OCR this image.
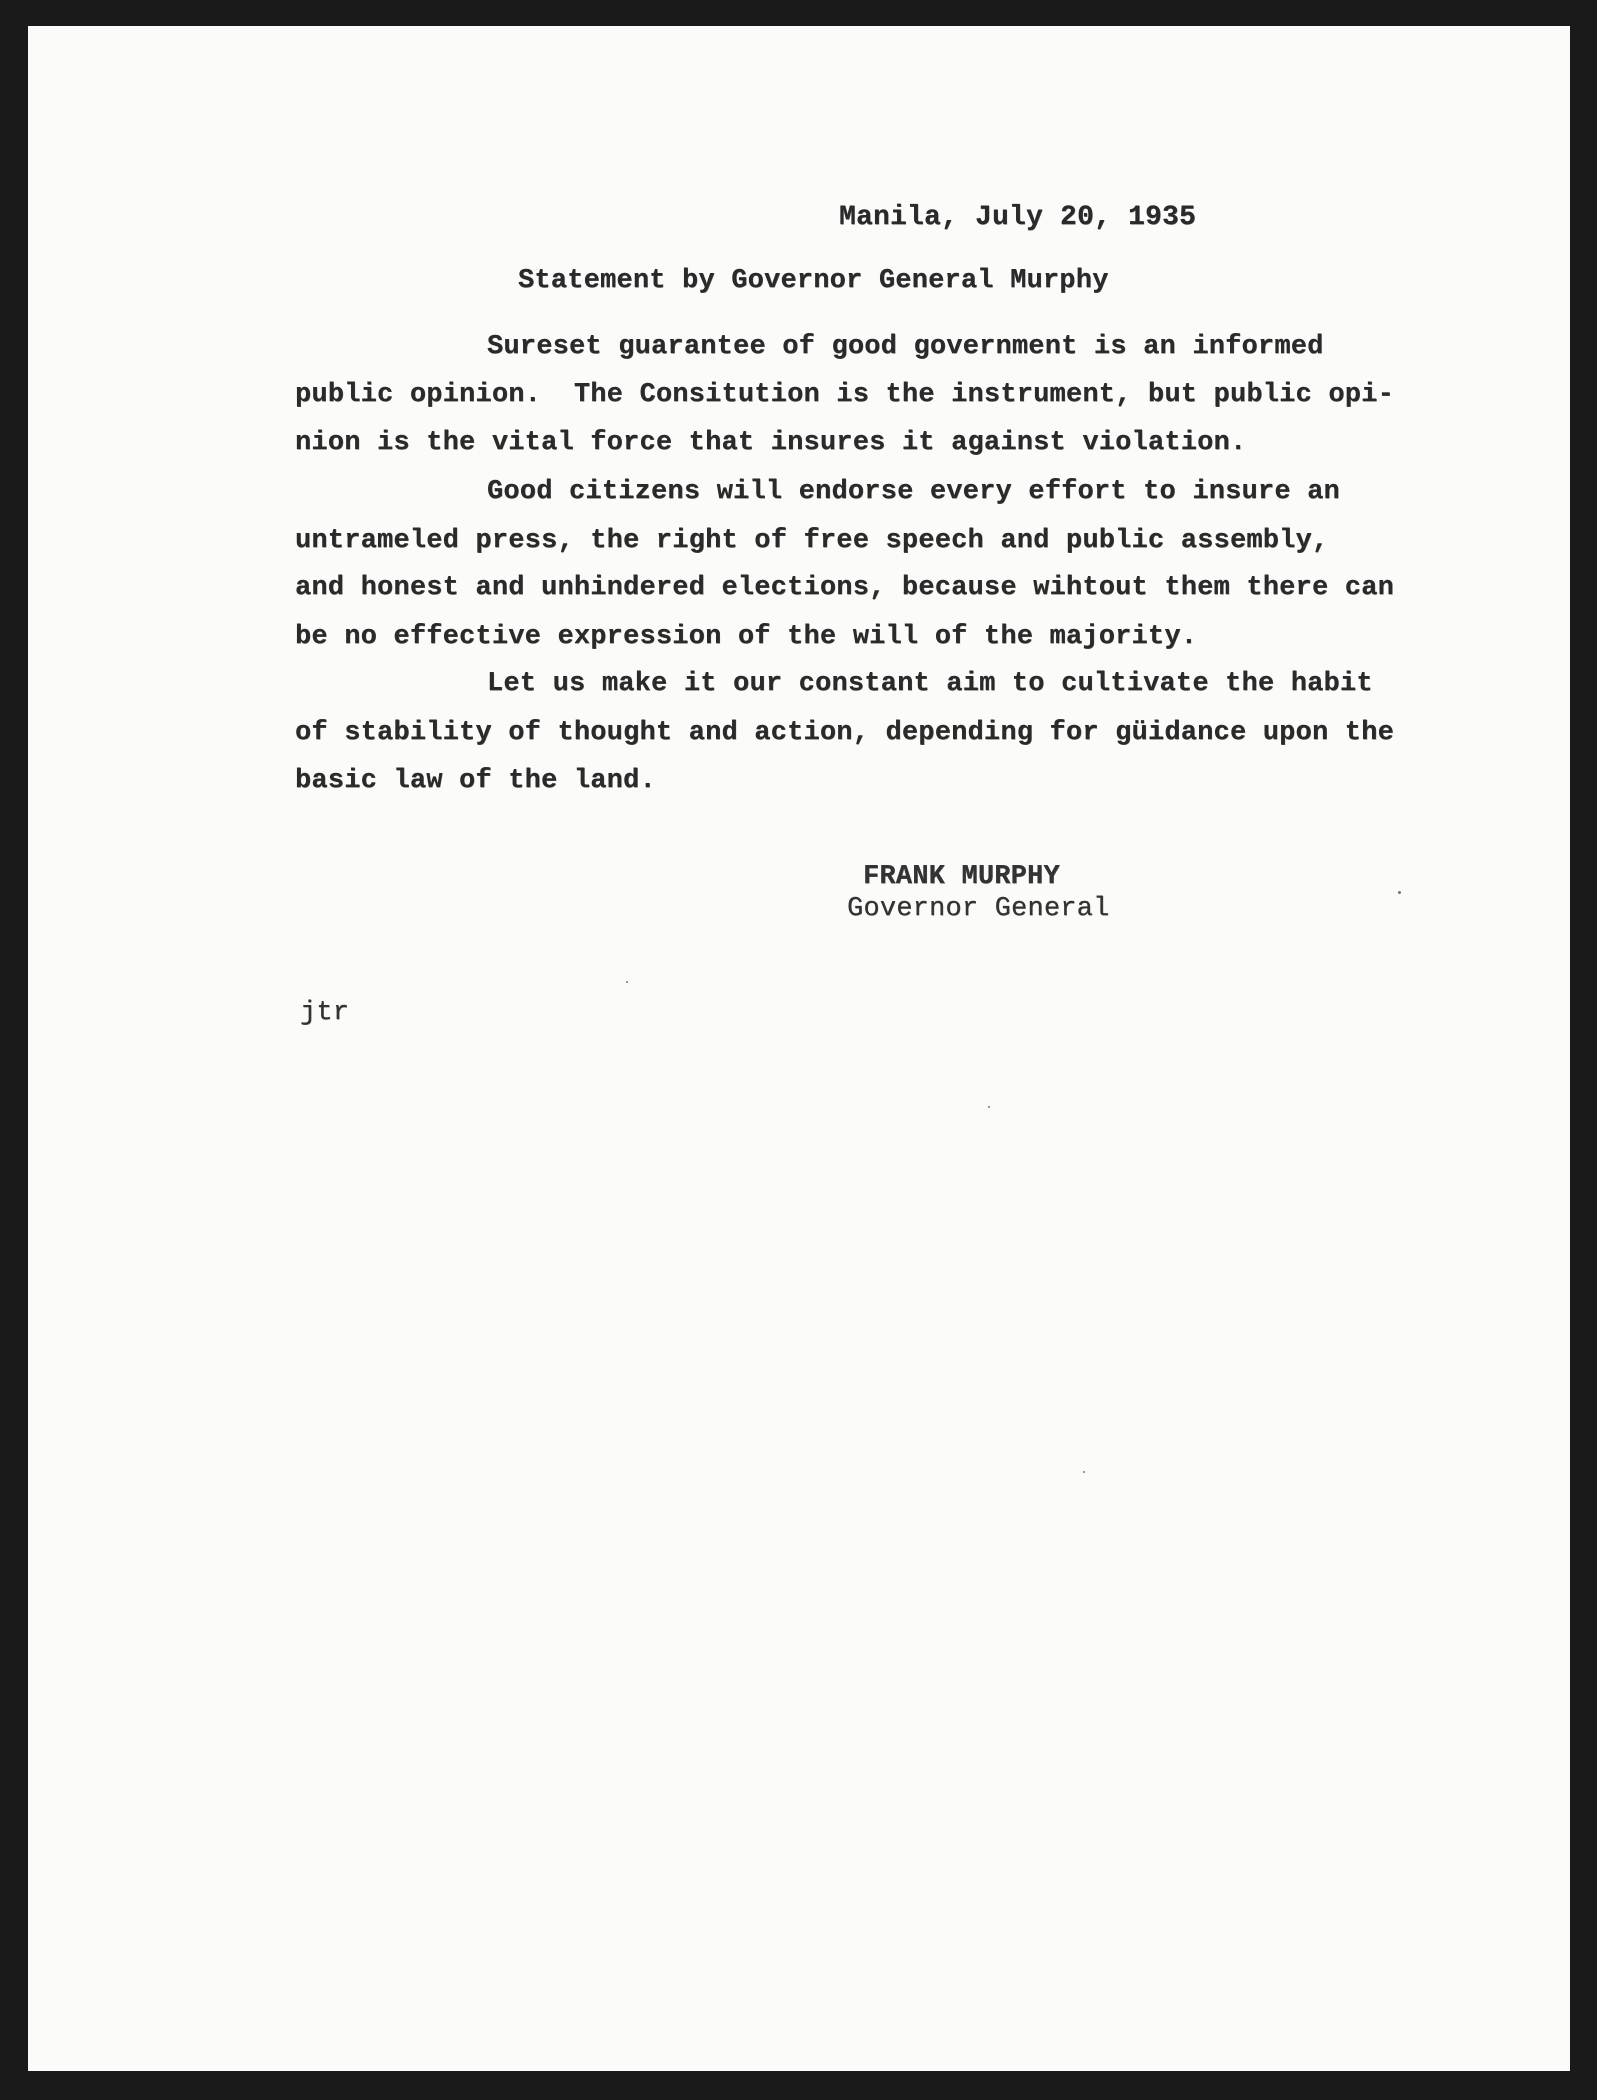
Manila, July 20, 1935
Statement by Governor General Murphy
Sureset guarantee of good government is an informed
public opinion.  The Consitution is the instrument, but public opi-
nion is the vital force that insures it against violation.
Good citizens will endorse every effort to insure an
untrameled press, the right of free speech and public assembly,
and honest and unhindered elections, because wihtout them there can
be no effective expression of the will of the majority.
Let us make it our constant aim to cultivate the habit
of stability of thought and action, depending for güidance upon the
basic law of the land.
FRANK MURPHY
Governor General
jtr
